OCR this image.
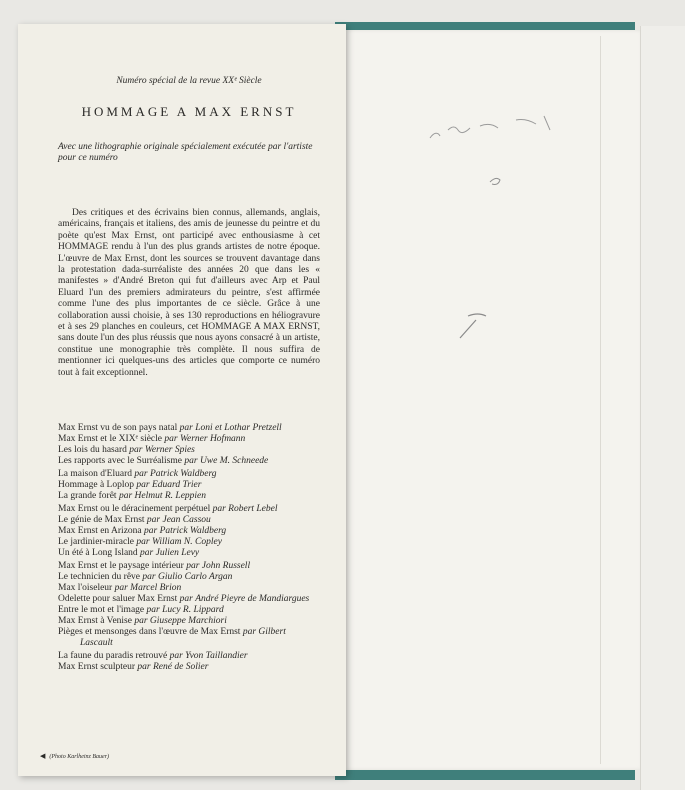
Numéro spécial de la revue XXᵉ Siècle
HOMMAGE A MAX ERNST

Avec une lithographie originale spécialement exécutée par l'artiste pour ce numéro

Des critiques et des écrivains bien connus, allemands, anglais, américains, français et italiens, des amis de jeunesse du peintre et du poète qu'est Max Ernst, ont participé avec enthousiasme à cet HOMMAGE rendu à l'un des plus grands artistes de notre époque. L'œuvre de Max Ernst, dont les sources se trouvent davantage dans la protestation dada-surréaliste des années 20 que dans les « manifestes » d'André Breton qui fut d'ailleurs avec Arp et Paul Eluard l'un des premiers admirateurs du peintre, s'est affirmée comme l'une des plus importantes de ce siècle. Grâce à une collaboration aussi choisie, à ses 130 reproductions en héliogravure et à ses 29 planches en couleurs, cet HOMMAGE A MAX ERNST, sans doute l'un des plus réussis que nous ayons consacré à un artiste, constitue une monographie très complète. Il nous suffira de mentionner ici quelques-uns des articles que comporte ce numéro tout à fait exceptionnel.

Max Ernst vu de son pays natal par Loni et Lothar Pretzell
Max Ernst et le XIXᵉ siècle par Werner Hofmann
Les lois du hasard par Werner Spies
Les rapports avec le Surréalisme par Uwe M. Schneede
La maison d'Eluard par Patrick Waldberg
Hommage à Loplop par Eduard Trier
La grande forêt par Helmut R. Leppien
Max Ernst ou le déracinement perpétuel par Robert Lebel
Le génie de Max Ernst par Jean Cassou
Max Ernst en Arizona par Patrick Waldberg
Le jardinier-miracle par William N. Copley
Un été à Long Island par Julien Levy
Max Ernst et le paysage intérieur par John Russell
Le technicien du rêve par Giulio Carlo Argan
Max l'oiseleur par Marcel Brion
Odelette pour saluer Max Ernst par André Pieyre de Mandiargues
Entre le mot et l'image par Lucy R. Lippard
Max Ernst à Venise par Giuseppe Marchiori
Pièges et mensonges dans l'œuvre de Max Ernst par Gilbert Lascault
La faune du paradis retrouvé par Yvon Taillandier
Max Ernst sculpteur par René de Solier
◀ (Photo Karlheinz Bauer)
